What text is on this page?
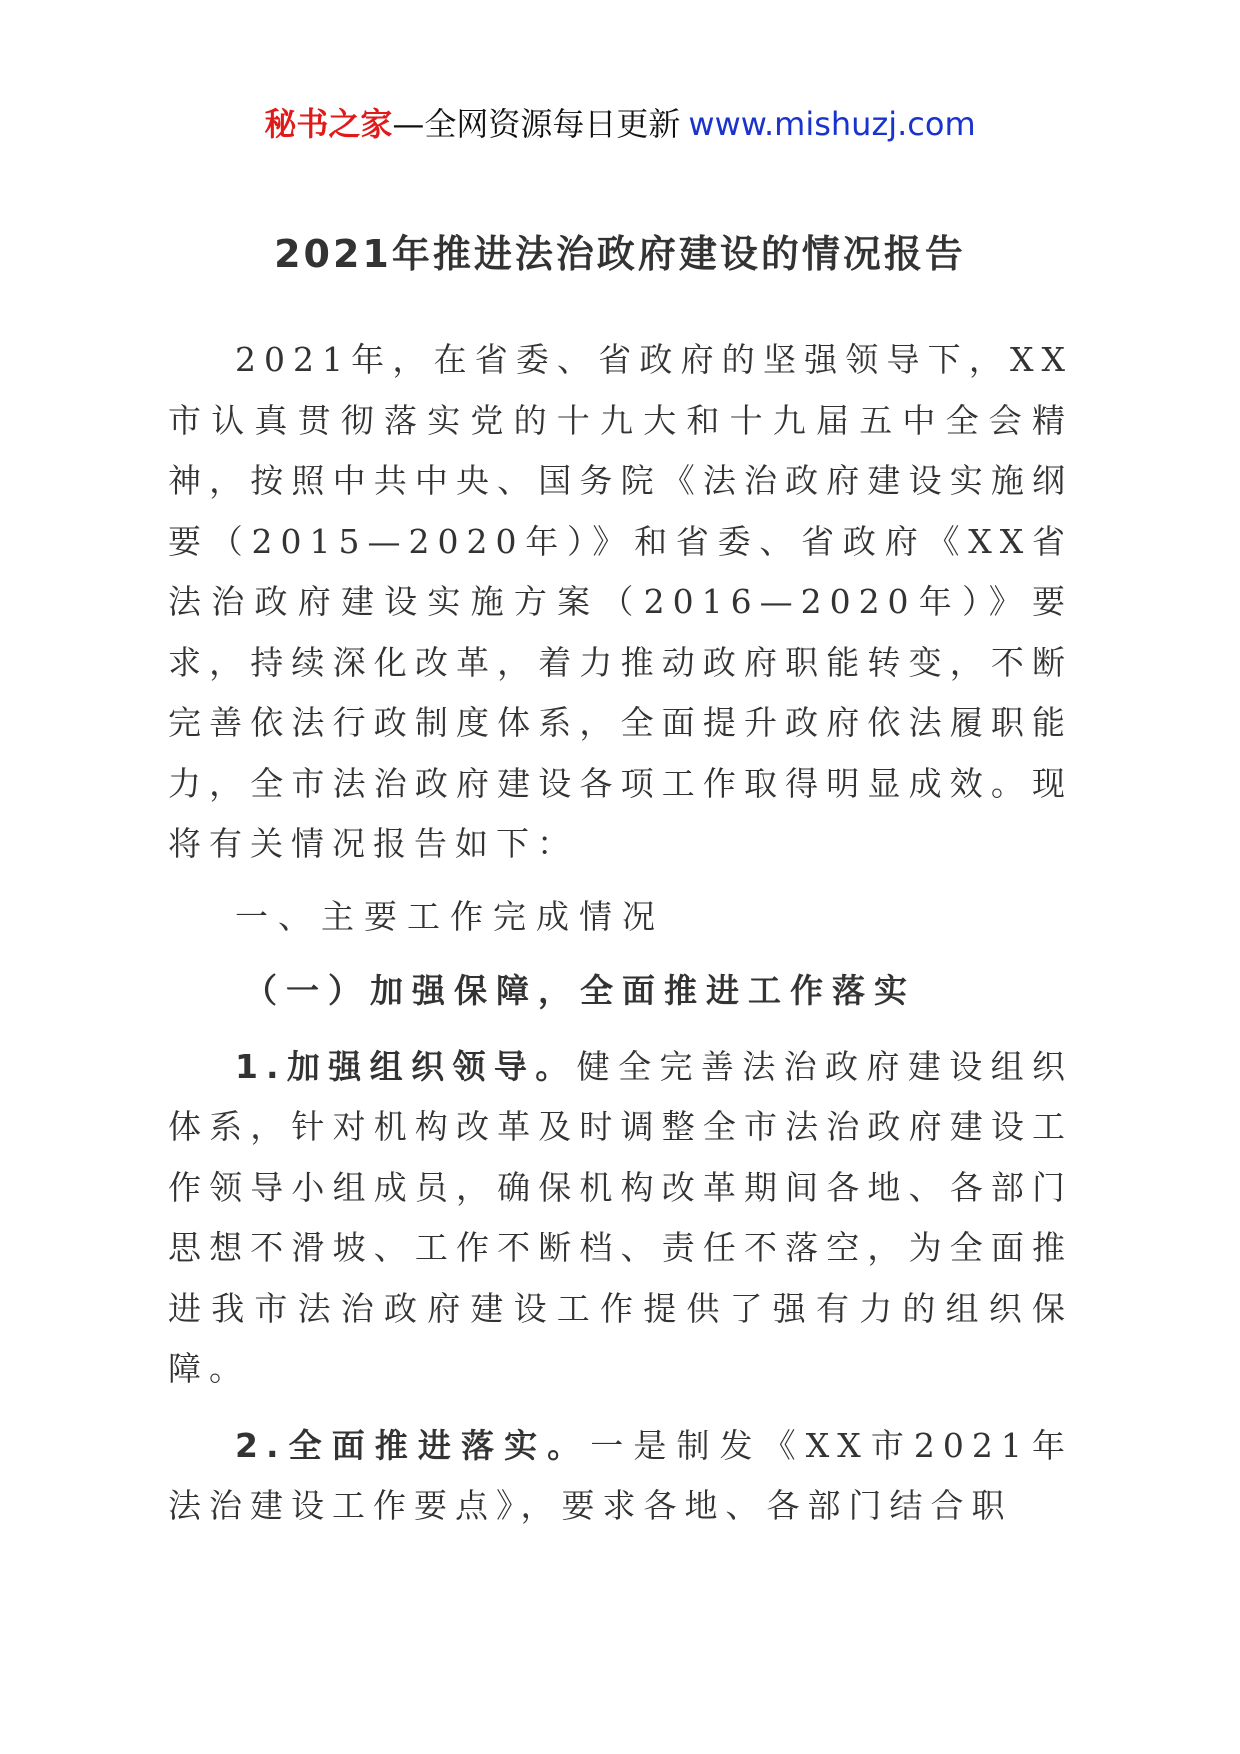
秘书之家—全网资源每日更新 www.mishuzj.com
2021年推进法治政府建设的情况报告

2021年，在省委、省政府的坚强领导下，XX市认真贯彻落实党的十九大和十九届五中全会精神，按照中共中央、国务院《法治政府建设实施纲要（2015—2020年）》和省委、省政府《XX省法治政府建设实施方案（2016—2020年）》要求，持续深化改革，着力推动政府职能转变，不断完善依法行政制度体系，全面提升政府依法履职能力，全市法治政府建设各项工作取得明显成效。现将有关情况报告如下：

一、主要工作完成情况

（一）加强保障，全面推进工作落实

1.加强组织领导。健全完善法治政府建设组织体系，针对机构改革及时调整全市法治政府建设工作领导小组成员，确保机构改革期间各地、各部门思想不滑坡、工作不断档、责任不落空，为全面推进我市法治政府建设工作提供了强有力的组织保障。

2.全面推进落实。一是制发《XX市2021年法治建设工作要点》，要求各地、各部门结合职
